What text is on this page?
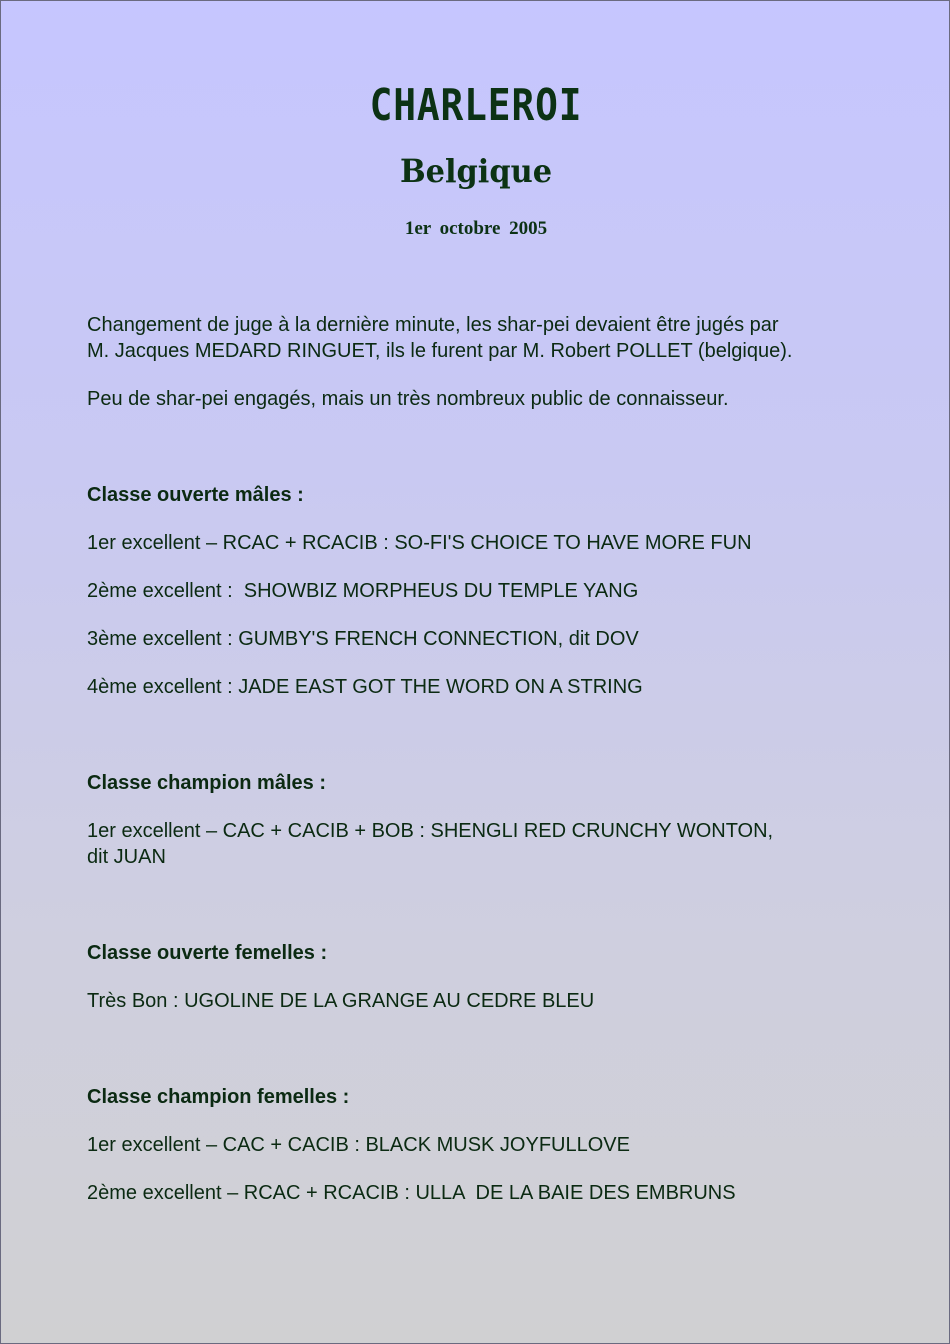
CHARLEROI
Belgique
1er octobre 2005
Changement de juge à la dernière minute, les shar-pei devaient être jugés par
M. Jacques MEDARD RINGUET, ils le furent par M. Robert POLLET (belgique).
Peu de shar-pei engagés, mais un très nombreux public de connaisseur.
Classe ouverte mâles :
1er excellent – RCAC + RCACIB : SO-FI'S CHOICE TO HAVE MORE FUN
2ème excellent :  SHOWBIZ MORPHEUS DU TEMPLE YANG
3ème excellent : GUMBY'S FRENCH CONNECTION, dit DOV
4ème excellent : JADE EAST GOT THE WORD ON A STRING
Classe champion mâles :
1er excellent – CAC + CACIB + BOB : SHENGLI RED CRUNCHY WONTON,
dit JUAN
Classe ouverte femelles :
Très Bon : UGOLINE DE LA GRANGE AU CEDRE BLEU
Classe champion femelles :
1er excellent – CAC + CACIB : BLACK MUSK JOYFULLOVE
2ème excellent – RCAC + RCACIB : ULLA  DE LA BAIE DES EMBRUNS
